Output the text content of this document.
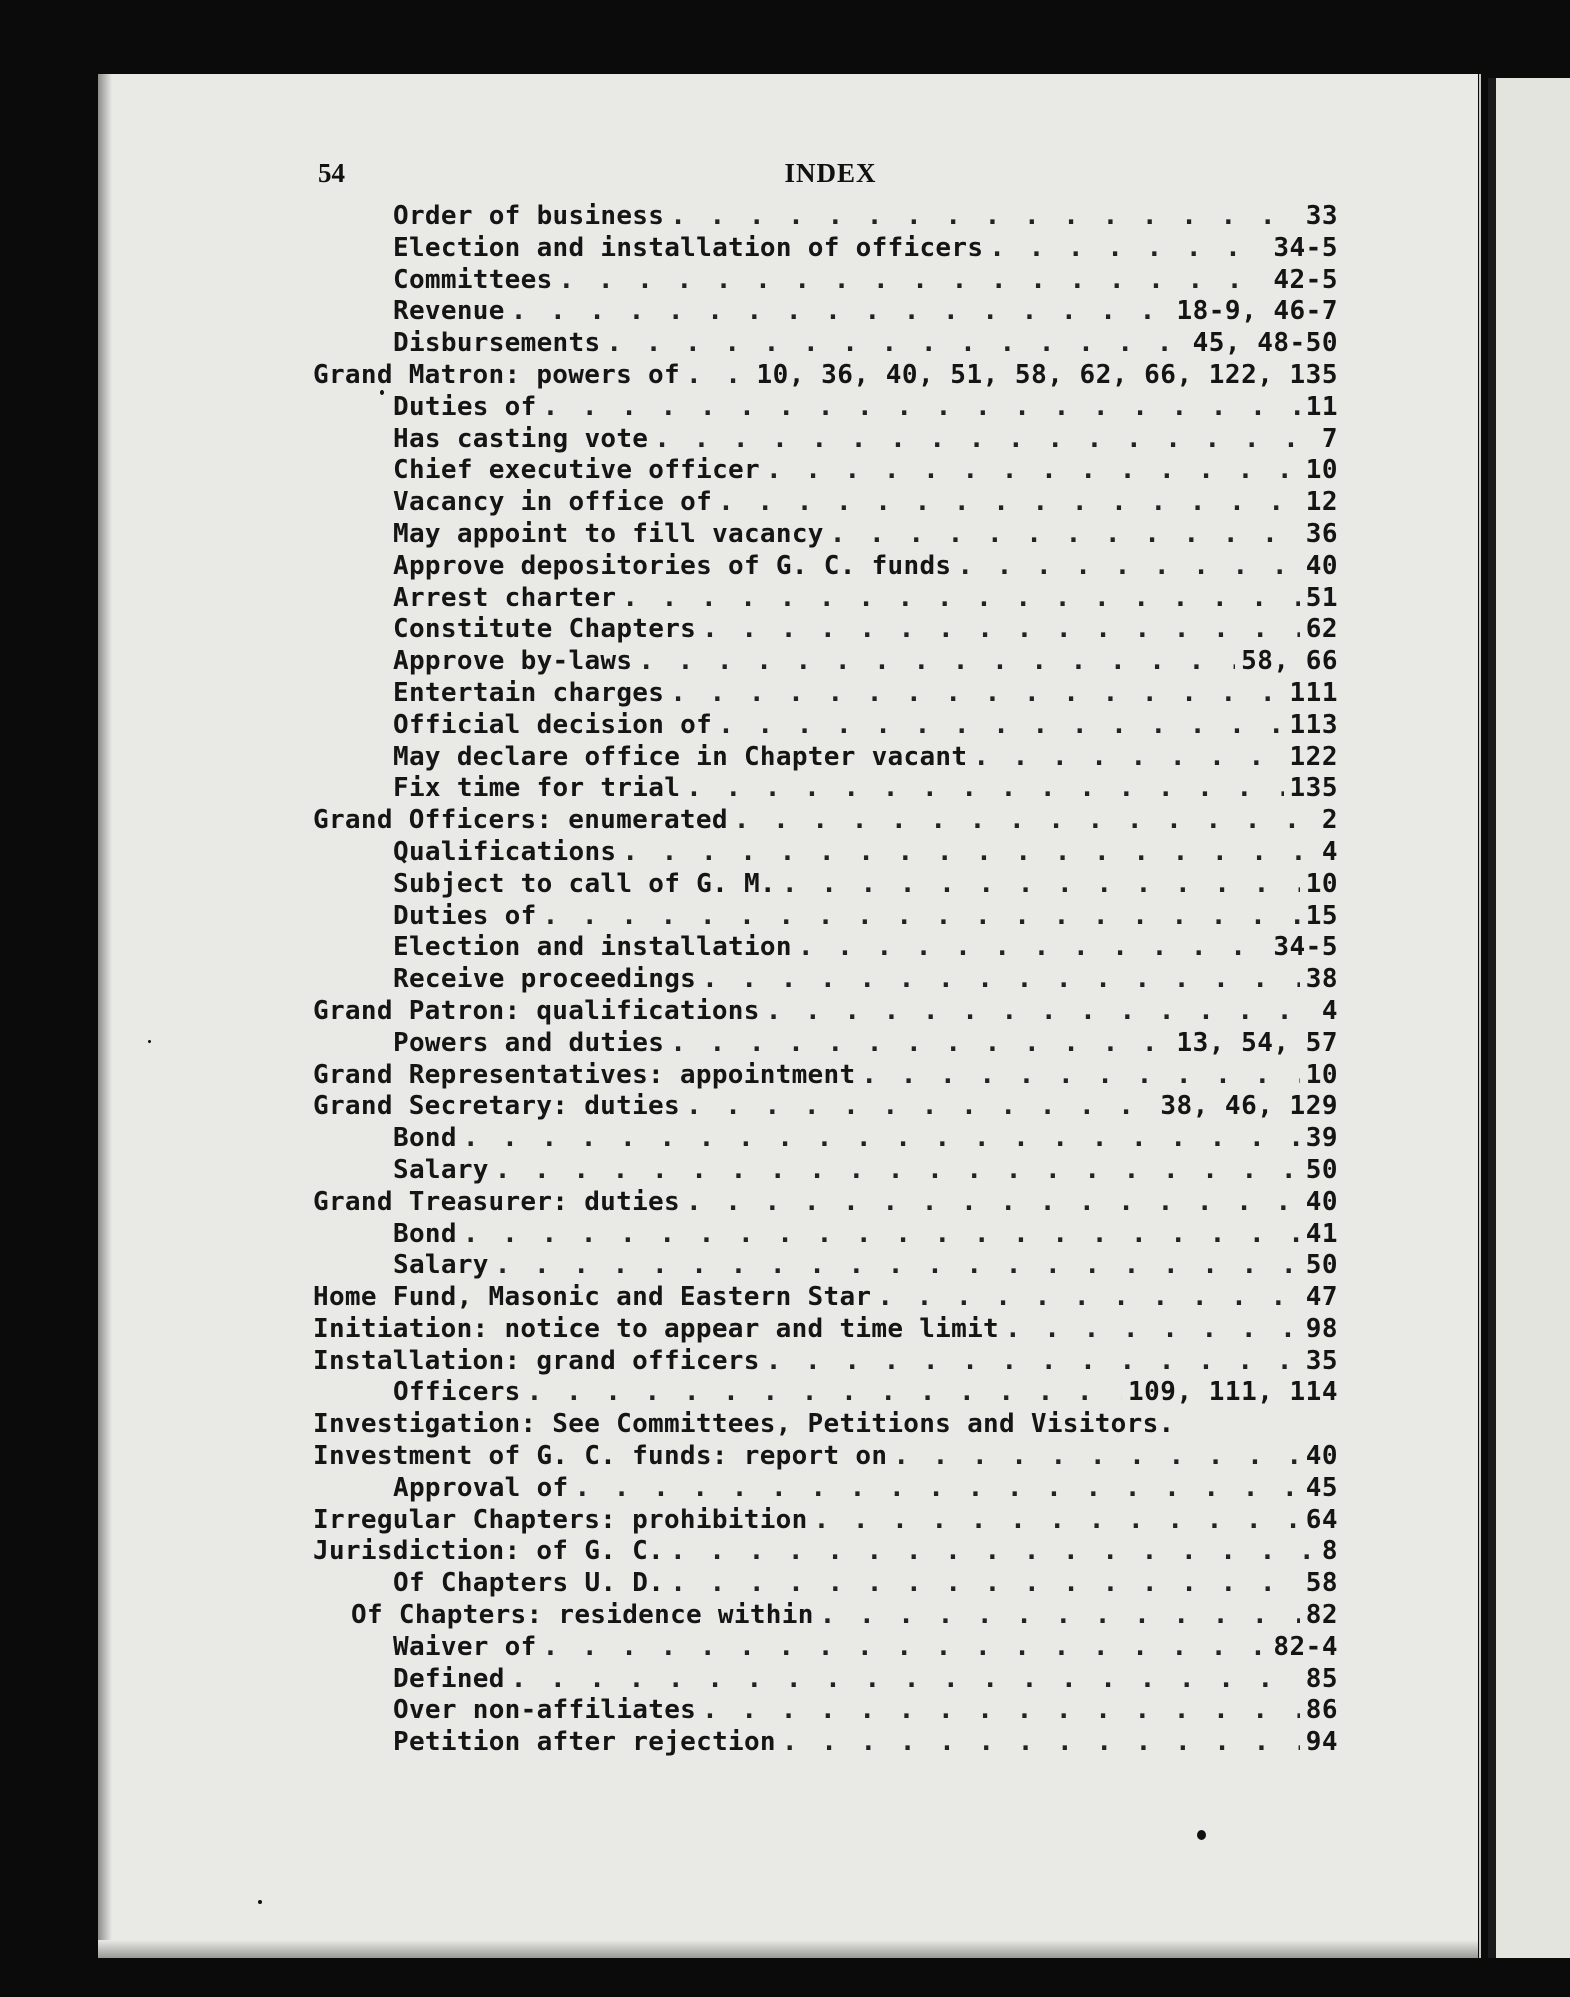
54	INDEX
Order of business . . .	33
Election and installation of officers . . .	34-5
Committees . . .	42-5
Revenue . . .	18-9, 46-7
Disbursements . . .	45, 48-50
Grand Matron: powers of . . .	10, 36, 40, 51, 58, 62, 66, 122, 135
Duties of . . .	11
Has casting vote . . .	7
Chief executive officer . . .	10
Vacancy in office of . . .	12
May appoint to fill vacancy . . .	36
Approve depositories of G. C. funds . . .	40
Arrest charter . . .	51
Constitute Chapters . . .	62
Approve by-laws . . .	58, 66
Entertain charges . . .	111
Official decision of . . .	113
May declare office in Chapter vacant . . .	122
Fix time for trial . . .	135
Grand Officers: enumerated . . .	2
Qualifications . . .	4
Subject to call of G. M. . . .	10
Duties of . . .	15
Election and installation . . .	34-5
Receive proceedings . . .	38
Grand Patron: qualifications . . .	4
Powers and duties . . .	13, 54, 57
Grand Representatives: appointment . . .	10
Grand Secretary: duties . . .	38, 46, 129
Bond . . .	39
Salary . . .	50
Grand Treasurer: duties . . .	40
Bond . . .	41
Salary . . .	50
Home Fund, Masonic and Eastern Star . . .	47
Initiation: notice to appear and time limit . . .	98
Installation: grand officers . . .	35
Officers . . .	109, 111, 114
Investigation: See Committees, Petitions and Visitors.
Investment of G. C. funds: report on . . .	40
Approval of . . .	45
Irregular Chapters: prohibition . . .	64
Jurisdiction: of G. C. . . .	8
Of Chapters U. D. . . .	58
Of Chapters: residence within . . .	82
Waiver of . . .	82-4
Defined . . .	85
Over non-affiliates . . .	86
Petition after rejection . . .	94
